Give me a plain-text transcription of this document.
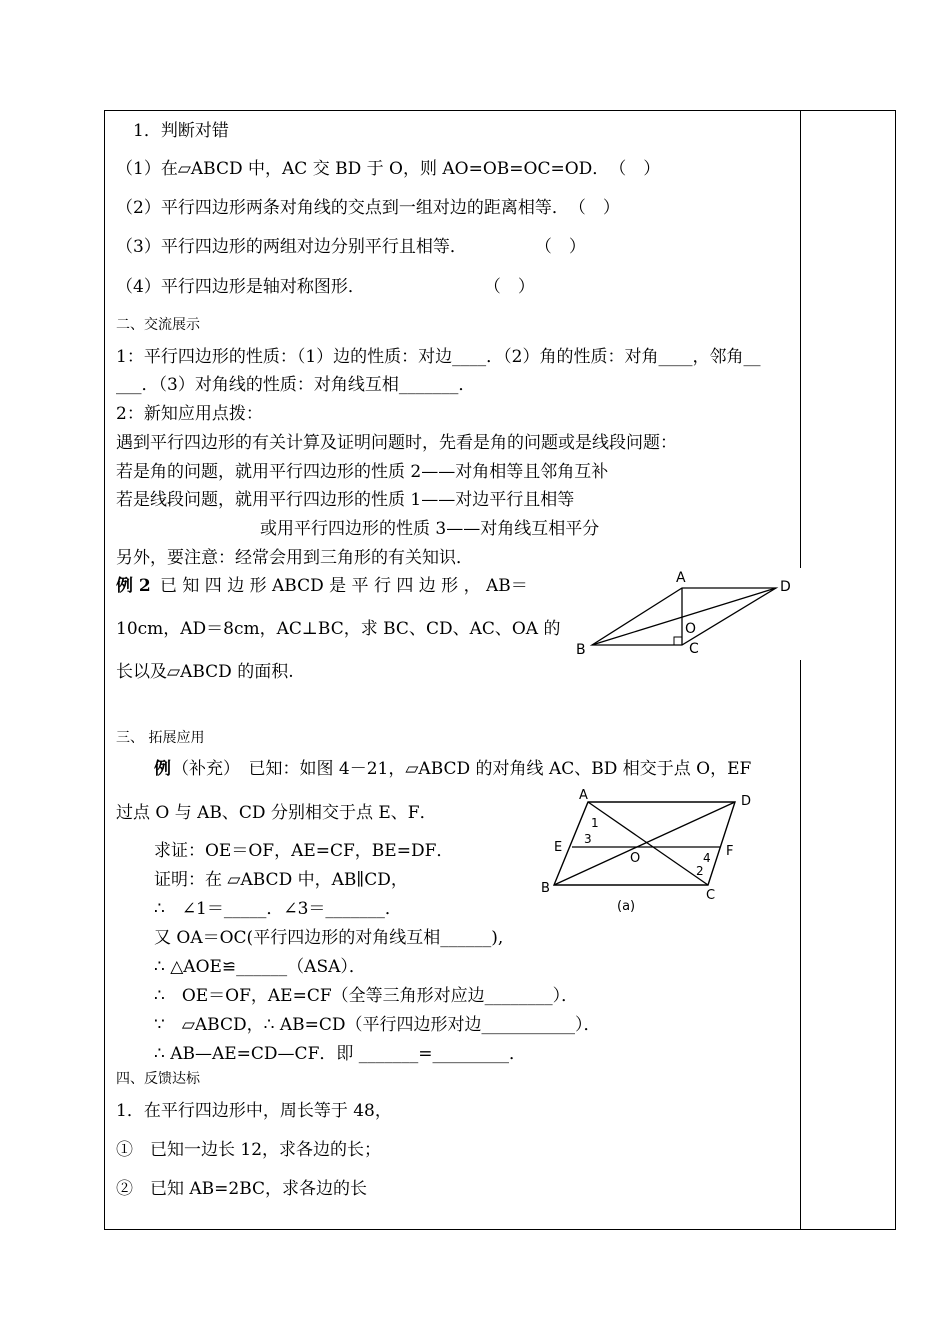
1．判断对错
（1）在▱ABCD 中，AC 交 BD 于 O，则 AO=OB=OC=OD．　（　）
（2）平行四边形两条对角线的交点到一组对边的距离相等．　（　）
（3）平行四边形的两组对边分别平行且相等．　　　　　（　）
（4）平行四边形是轴对称图形．　　　　　　　　（　）
二、交流展示
1：平行四边形的性质：（1）边的性质：对边____．（2）角的性质：对角____，邻角__
___．（3）对角线的性质：对角线互相_______．
2：新知应用点拨：
遇到平行四边形的有关计算及证明问题时，先看是角的问题或是线段问题：
若是角的问题，就用平行四边形的性质 2——对角相等且邻角互补
若是线段问题，就用平行四边形的性质 1——对边平行且相等
或用平行四边形的性质 3——对角线互相平分
另外，要注意：经常会用到三角形的有关知识．
例 2 已 知 四 边 形 ABCD 是 平 行 四 边 形 ， AB＝
10cm，AD＝8cm，AC⊥BC，求 BC、CD、AC、OA 的
长以及▱ABCD 的面积.
A
D
B	C
O
三、 拓展应用
例 （补充）　已知：如图 4－21，▱ABCD 的对角线 AC、BD 相交于点 O，EF
过点 O 与 AB、CD 分别相交于点 E、F．
求证：OE＝OF，AE=CF，BE=DF．
证明：在 ▱ABCD 中，AB∥CD，
∴　∠1＝_____．∠3＝_______．
又 OA＝OC(平行四边形的对角线互相______),
∴ △AOE≌______（ASA）．
∴　OE＝OF，AE=CF（全等三角形对应边________）．
∵　▱ABCD，∴ AB=CD（平行四边形对边___________）．
∴ AB—AE=CD—CF．即 _______=_________．
A	D
E	F
O
B	C
1
2
3
4
(a)
四、反馈达标
1．在平行四边形中，周长等于 48，
①　已知一边长 12，求各边的长；
②　已知 AB=2BC，求各边的长
